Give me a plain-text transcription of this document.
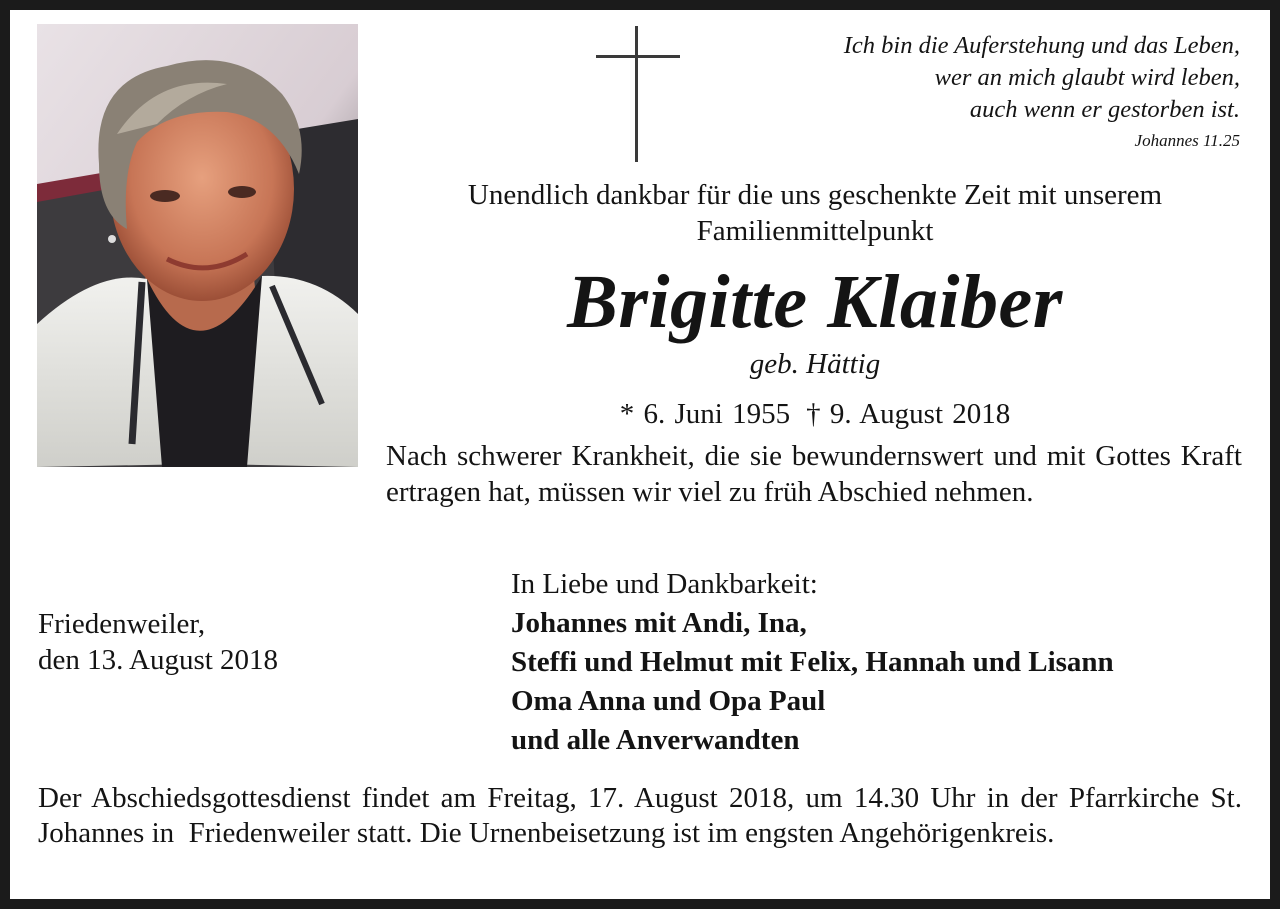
Ich bin die Auferstehung und das Leben,
wer an mich glaubt wird leben,
auch wenn er gestorben ist.
Johannes 11.25
Unendlich dankbar für die uns geschenkte Zeit mit unserem
Familienmittelpunkt
Brigitte Klaiber
geb. Hättig
* 6. Juni 1955 † 9. August 2018
Nach schwerer Krankheit, die sie bewundernswert und mit Gottes Kraft ertragen hat, müssen wir viel zu früh Abschied nehmen.
Friedenweiler,
den 13. August 2018
In Liebe und Dankbarkeit:
Johannes mit Andi, Ina,
Steffi und Helmut mit Felix, Hannah und Lisann
Oma Anna und Opa Paul
und alle Anverwandten
Der Abschiedsgottesdienst findet am Freitag, 17. August 2018, um 14.30 Uhr in der Pfarrkirche St. Johannes in  Friedenweiler statt. Die Urnenbeisetzung ist im engsten Angehörigenkreis.
